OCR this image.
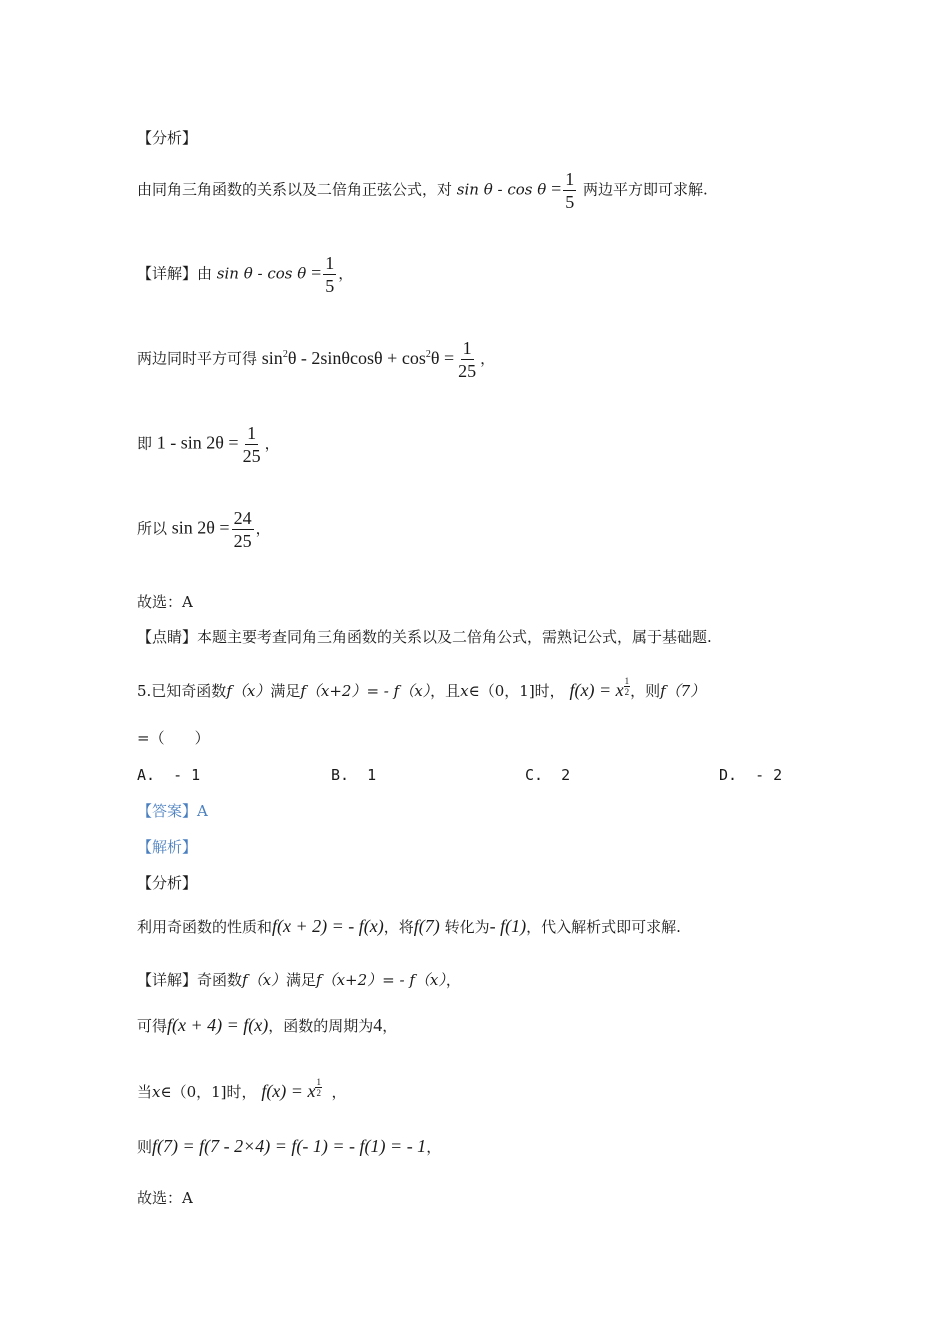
【分析】
由同角三角函数的关系以及二倍角正弦公式，对 $\sin \theta - \cos \theta = \frac{1}{5}$ 两边平方即可求解.
【详解】由 $\sin \theta - \cos \theta = \frac{1}{5}$ ，
两边同时平方可得 $\sin^2\theta - 2\sin\theta\cos\theta + \cos^2\theta = \frac{1}{25}$ ，
即 $1 - \sin 2\theta = \frac{1}{25}$ ，
所以 $\sin 2\theta = \frac{24}{25}$ ，
故选：A
【点睛】本题主要考查同角三角函数的关系以及二倍角公式，需熟记公式，属于基础题.
5.已知奇函数f（x）满足f（x+2）= - f（x），且x∈（0，1]时， f(x) = x $\frac{1}{2}$ ，则f（7）
=（　　）
A. - 1	B. 1	C. 2	D. - 2
【答案】A
【解析】
【分析】
利用奇函数的性质和f(x + 2) = - f(x)，将f(7) 转化为- f(1)，代入解析式即可求解.
【详解】奇函数f（x）满足f（x+2）= - f（x），
可得f(x + 4) = f(x)，函数的周期为4，
当x∈（0，1]时， f(x) = x $\frac{1}{2}$ ，
则f(7) = f(7 - 2×4) = f(- 1) = - f(1) = - 1，
故选：A
